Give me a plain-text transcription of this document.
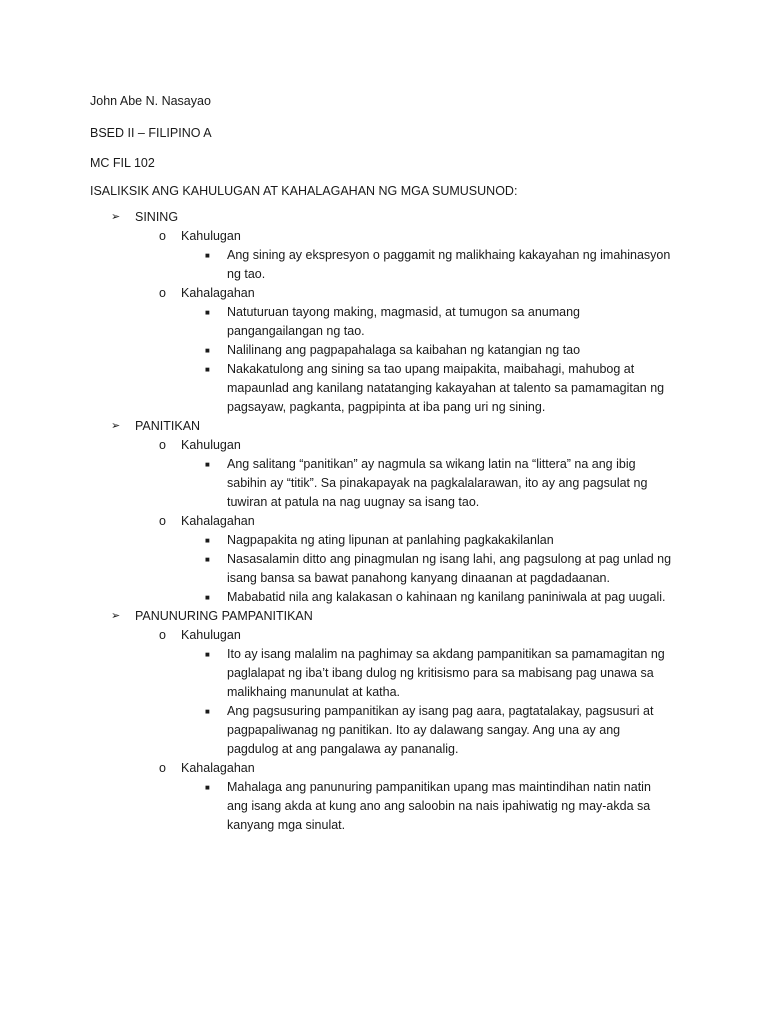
John Abe N. Nasayao
BSED II – FILIPINO A
MC FIL 102
ISALIKSIK ANG KAHULUGAN AT KAHALAGAHAN NG MGA SUMUSUNOD:
➢ SINING
o Kahulugan
■ Ang sining ay ekspresyon o paggamit ng malikhaing kakayahan ng imahinasyon ng tao.
o Kahalagahan
■ Natuturuan tayong making, magmasid, at tumugon sa anumang pangangailangan ng tao.
■ Nalilinang ang pagpapahalaga sa kaibahan ng katangian ng tao
■ Nakakatulong ang sining sa tao upang maipakita, maibahagi, mahubog at mapaunlad ang kanilang natatanging kakayahan at talento sa pamamagitan ng pagsayaw, pagkanta, pagpipinta at iba pang uri ng sining.
➢ PANITIKAN
o Kahulugan
■ Ang salitang “panitikan” ay nagmula sa wikang latin na “littera” na ang ibig sabihin ay “titik”. Sa pinakapayak na pagkalalarawan, ito ay ang pagsulat ng tuwiran at patula na nag uugnay sa isang tao.
o Kahalagahan
■ Nagpapakita ng ating lipunan at panlahing pagkakakilanlan
■ Nasasalamin ditto ang pinagmulan ng isang lahi, ang pagsulong at pag unlad ng isang bansa sa bawat panahong kanyang dinaanan at pagdadaanan.
■ Mababatid nila ang kalakasan o kahinaan ng kanilang paniniwala at pag uugali.
➢ PANUNURING PAMPANITIKAN
o Kahulugan
■ Ito ay isang malalim na paghimay sa akdang pampanitikan sa pamamagitan ng paglalapat ng iba’t ibang dulog ng kritisismo para sa mabisang pag unawa sa malikhaing manunulat at katha.
■ Ang pagsusuring pampanitikan ay isang pag aara, pagtatalakay, pagsusuri at pagpapaliwanag ng panitikan. Ito ay dalawang sangay. Ang una ay ang pagdulog at ang pangalawa ay pananalig.
o Kahalagahan
■ Mahalaga ang panunuring pampanitikan upang mas maintindihan natin natin ang isang akda at kung ano ang saloobin na nais ipahiwatig ng may-akda sa kanyang mga sinulat.
